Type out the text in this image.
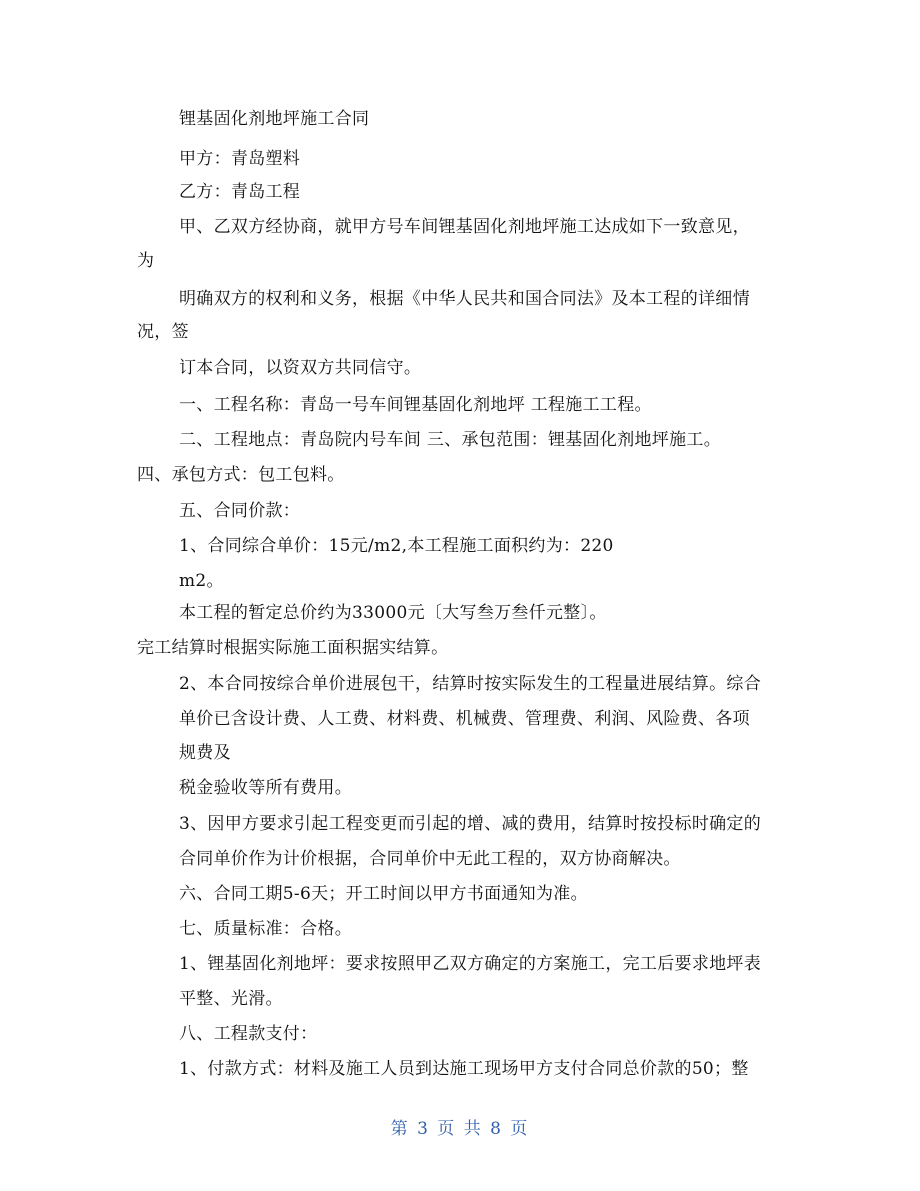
锂基固化剂地坪施工合同
甲方：青岛塑料
乙方：青岛工程
甲、乙双方经协商，就甲方号车间锂基固化剂地坪施工达成如下一致意见，
为
明确双方的权利和义务，根据《中华人民共和国合同法》及本工程的详细情
况，签
订本合同，以资双方共同信守。
一、工程名称：青岛一号车间锂基固化剂地坪 工程施工工程。
二、工程地点：青岛院内号车间 三、承包范围：锂基固化剂地坪施工。
四、承包方式：包工包料。
五、合同价款：
1、合同综合单价：15元/m2,本工程施工面积约为：220
m2。
本工程的暂定总价约为33000元〔大写叁万叁仟元整〕。
完工结算时根据实际施工面积据实结算。
2、本合同按综合单价进展包干，结算时按实际发生的工程量进展结算。综合
单价已含设计费、人工费、材料费、机械费、管理费、利润、风险费、各项
规费及
税金验收等所有费用。
3、因甲方要求引起工程变更而引起的增、减的费用，结算时按投标时确定的
合同单价作为计价根据，合同单价中无此工程的，双方协商解决。
六、合同工期5-6天；开工时间以甲方书面通知为准。
七、质量标准：合格。
1、锂基固化剂地坪：要求按照甲乙双方确定的方案施工，完工后要求地坪表
平整、光滑。
八、工程款支付：
1、付款方式：材料及施工人员到达施工现场甲方支付合同总价款的50；整
第 3 页 共 8 页
